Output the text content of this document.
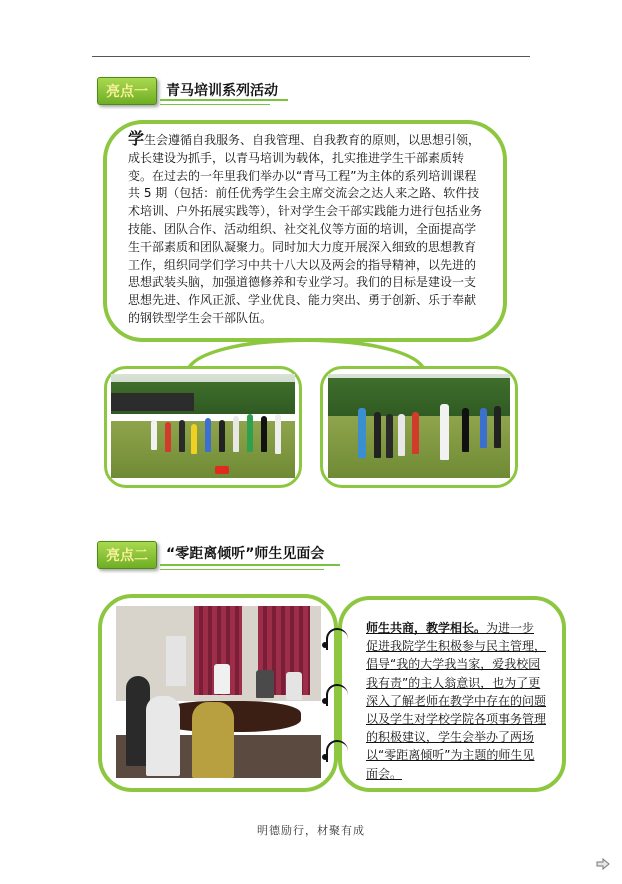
亮点一 青马培训系列活动
学生会遵循自我服务、自我管理、自我教育的原则，以思想引领，成长建设为抓手，以青马培训为载体，扎实推进学生干部素质转变。在过去的一年里我们举办以“青马工程”为主体的系列培训课程共 5 期（包括：前任优秀学生会主席交流会之达人来之路、软件技术培训、户外拓展实践等），针对学生会干部实践能力进行包括业务技能、团队合作、活动组织、社交礼仪等方面的培训，全面提高学生干部素质和团队凝聚力。同时加大力度开展深入细致的思想教育工作，组织同学们学习中共十八大以及两会的指导精神，以先进的思想武装头脑，加强道德修养和专业学习。我们的目标是建设一支思想先进、作风正派、学业优良、能力突出、勇于创新、乐于奉献的钢铁型学生会干部队伍。
亮点二 “零距离倾听”师生见面会
师生共商，教学相长。为进一步促进我院学生积极参与民主管理，倡导“我的大学我当家，爱我校园我有责”的主人翁意识，也为了更深入了解老师在教学中存在的问题以及学生对学校学院各项事务管理的积极建议，学生会举办了两场以“零距离倾听”为主题的师生见面会。
明德励行，材聚有成
